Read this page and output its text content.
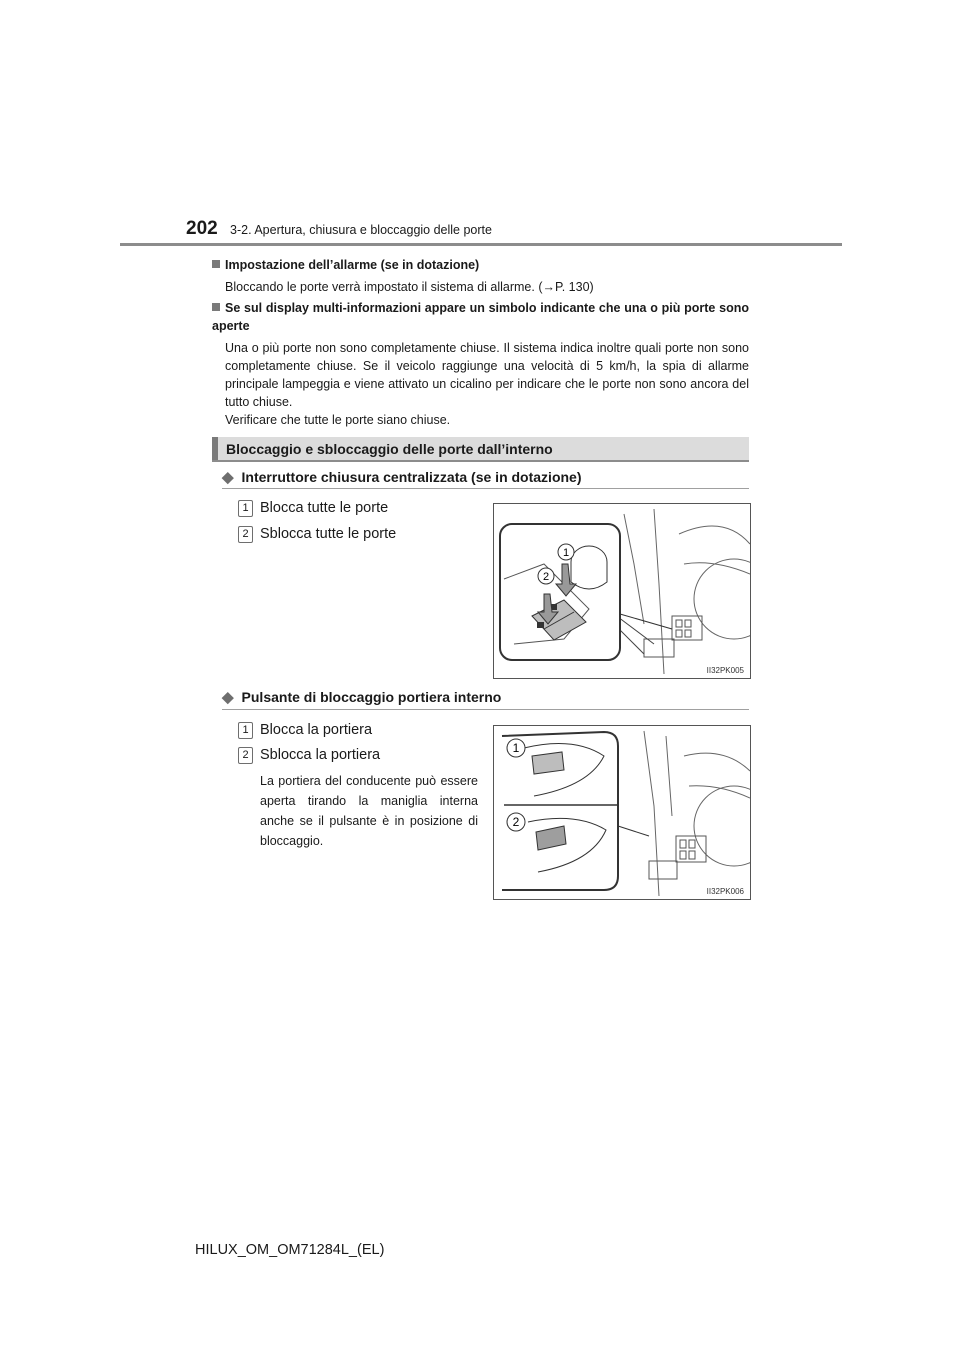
202 3-2. Apertura, chiusura e bloccaggio delle porte
Impostazione dell’allarme (se in dotazione)
Bloccando le porte verrà impostato il sistema di allarme. (→P. 130)
Se sul display multi-informazioni appare un simbolo indicante che una o più porte sono aperte
Una o più porte non sono completamente chiuse. Il sistema indica inoltre quali porte non sono completamente chiuse. Se il veicolo raggiunge una velocità di 5 km/h, la spia di allarme principale lampeggia e viene attivato un cicalino per indicare che le porte non sono ancora del tutto chiuse.
Verificare che tutte le porte siano chiuse.
Bloccaggio e sbloccaggio delle porte dall’interno
◆ Interruttore chiusura centralizzata (se in dotazione)
1 Blocca tutte le porte
2 Sblocca tutte le porte
1
2
II32PK005
◆ Pulsante di bloccaggio portiera interno
1 Blocca la portiera
2 Sblocca la portiera
La portiera del conducente può essere aperta tirando la maniglia interna anche se il pulsante è in posizione di bloccaggio.
1
2
II32PK006
HILUX_OM_OM71284L_(EL)
